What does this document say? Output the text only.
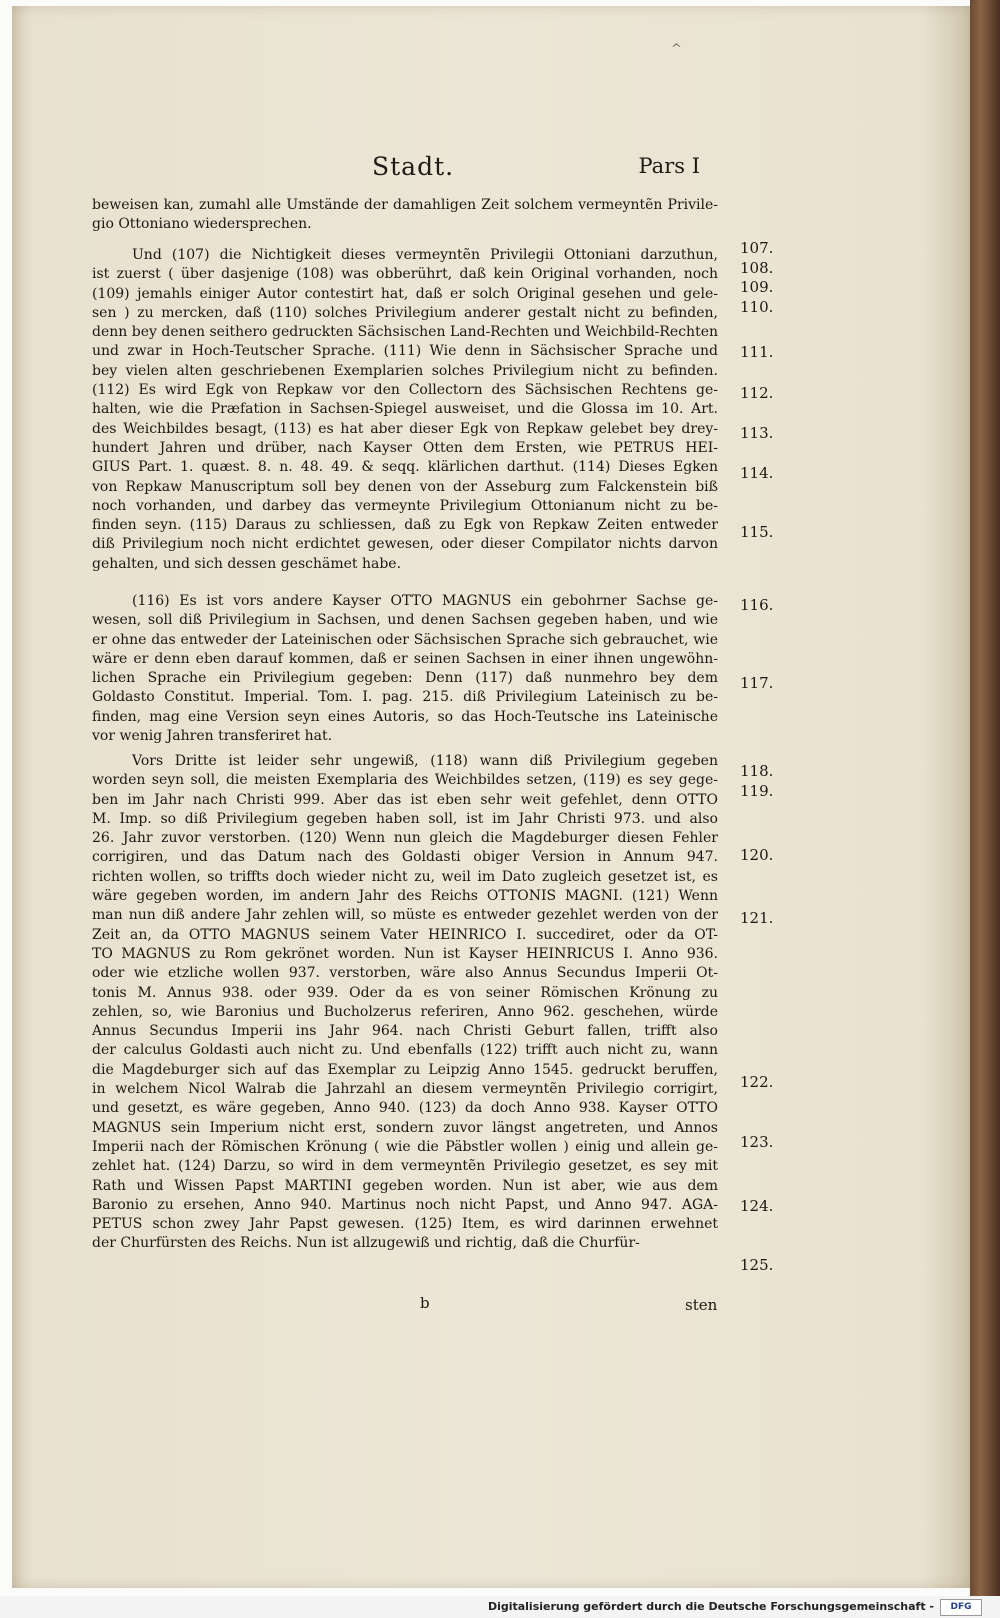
^
Stadt.	Pars I
beweisen kan, zumahl alle Umstände der damahligen Zeit solchem vermeyntẽn Privile-
gio Ottoniano wiedersprechen.
Und (107) die Nichtigkeit dieses vermeyntẽn Privilegii Ottoniani darzuthun,
ist zuerst ( über dasjenige (108) was obberührt, daß kein Original vorhanden, noch
(109) jemahls einiger Autor contestirt hat, daß er solch Original gesehen und gele-
sen ) zu mercken, daß (110) solches Privilegium anderer gestalt nicht zu befinden,
denn bey denen seithero gedruckten Sächsischen Land-Rechten und Weichbild-Rechten
und zwar in Hoch-Teutscher Sprache. (111) Wie denn in Sächsischer Sprache und
bey vielen alten geschriebenen Exemplarien solches Privilegium nicht zu befinden.
(112) Es wird Egk von Repkaw vor den Collectorn des Sächsischen Rechtens ge-
halten, wie die Præfation in Sachsen-Spiegel ausweiset, und die Glossa im 10. Art.
des Weichbildes besagt, (113) es hat aber dieser Egk von Repkaw gelebet bey drey-
hundert Jahren und drüber, nach Kayser Otten dem Ersten, wie PETRUS HEI-
GIUS Part. 1. quæst. 8. n. 48. 49. & seqq. klärlichen darthut. (114) Dieses Egken
von Repkaw Manuscriptum soll bey denen von der Asseburg zum Falckenstein biß
noch vorhanden, und darbey das vermeynte Privilegium Ottonianum nicht zu be-
finden seyn. (115) Daraus zu schliessen, daß zu Egk von Repkaw Zeiten entweder
diß Privilegium noch nicht erdichtet gewesen, oder dieser Compilator nichts darvon
gehalten, und sich dessen geschämet habe.
(116) Es ist vors andere Kayser OTTO MAGNUS ein gebohrner Sachse ge-
wesen, soll diß Privilegium in Sachsen, und denen Sachsen gegeben haben, und wie
er ohne das entweder der Lateinischen oder Sächsischen Sprache sich gebrauchet, wie
wäre er denn eben darauf kommen, daß er seinen Sachsen in einer ihnen ungewöhn-
lichen Sprache ein Privilegium gegeben: Denn (117) daß nunmehro bey dem
Goldasto Constitut. Imperial. Tom. I. pag. 215. diß Privilegium Lateinisch zu be-
finden, mag eine Version seyn eines Autoris, so das Hoch-Teutsche ins Lateinische
vor wenig Jahren transferiret hat.
Vors Dritte ist leider sehr ungewiß, (118) wann diß Privilegium gegeben
worden seyn soll, die meisten Exemplaria des Weichbildes setzen, (119) es sey gege-
ben im Jahr nach Christi 999. Aber das ist eben sehr weit gefehlet, denn OTTO
M. Imp. so diß Privilegium gegeben haben soll, ist im Jahr Christi 973. und also
26. Jahr zuvor verstorben. (120) Wenn nun gleich die Magdeburger diesen Fehler
corrigiren, und das Datum nach des Goldasti obiger Version in Annum 947.
richten wollen, so triffts doch wieder nicht zu, weil im Dato zugleich gesetzet ist, es
wäre gegeben worden, im andern Jahr des Reichs OTTONIS MAGNI. (121) Wenn
man nun diß andere Jahr zehlen will, so müste es entweder gezehlet werden von der
Zeit an, da OTTO MAGNUS seinem Vater HEINRICO I. succediret, oder da OT-
TO MAGNUS zu Rom gekrönet worden. Nun ist Kayser HEINRICUS I. Anno 936.
oder wie etzliche wollen 937. verstorben, wäre also Annus Secundus Imperii Ot-
tonis M. Annus 938. oder 939. Oder da es von seiner Römischen Krönung zu
zehlen, so, wie Baronius und Bucholzerus referiren, Anno 962. geschehen, würde
Annus Secundus Imperii ins Jahr 964. nach Christi Geburt fallen, trifft also
der calculus Goldasti auch nicht zu. Und ebenfalls (122) trifft auch nicht zu, wann
die Magdeburger sich auf das Exemplar zu Leipzig Anno 1545. gedruckt beruffen,
in welchem Nicol Walrab die Jahrzahl an diesem vermeyntẽn Privilegio corrigirt,
und gesetzt, es wäre gegeben, Anno 940. (123) da doch Anno 938. Kayser OTTO
MAGNUS sein Imperium nicht erst, sondern zuvor längst angetreten, und Annos
Imperii nach der Römischen Krönung ( wie die Päbstler wollen ) einig und allein ge-
zehlet hat. (124) Darzu, so wird in dem vermeyntẽn Privilegio gesetzet, es sey mit
Rath und Wissen Papst MARTINI gegeben worden. Nun ist aber, wie aus dem
Baronio zu ersehen, Anno 940. Martinus noch nicht Papst, und Anno 947. AGA-
PETUS schon zwey Jahr Papst gewesen. (125) Item, es wird darinnen erwehnet
der Churfürsten des Reichs. Nun ist allzugewiß und richtig, daß die Churfür-
107.
108.
109.
110.
111.
112.
113.
114.
115.
116.
117.
118.
119.
120.
121.
122.
123.
124.
125.
b	sten
Digitalisierung gefördert durch die Deutsche Forschungsgemeinschaft -	DFG
